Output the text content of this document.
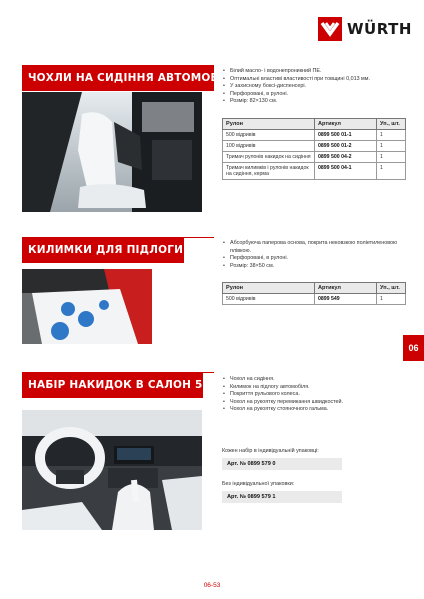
WÜRTH
ЧОХЛИ НА СИДІННЯ АВТОМОБІЛЯ
• Білий масло- і водонепроникний ПЕ.
• Оптимальні властиві властивості при товщині 0,013 мм.
• У захисному боксі-диспенсері.
• Перфоровані, в рулоні.
• Розмір: 82×130 см.
Рулон	Артикул	Уп., шт.
500 відривів	0899 500 01-1	1
100 відривів	0899 500 01-2	1
Тримач рулонів накидок на сидіння	0899 500 04-2	1
Тримач килимків і рулонів накидок на сидіння, керма	0899 500 04-1	1
КИЛИМКИ ДЛЯ ПІДЛОГИ
• Абсорбуюча паперова основа, покрита нековзкою поліетиленовою плівкою.
• Перфоровані, в рулоні.
• Розмір: 38×50 см.
Рулон	Артикул	Уп., шт.
500 відривів	0899 549	1
06
НАБІР НАКИДОК В САЛОН 5В1	• Чохол на сидіння.
• Килимок на підлогу автомобіля.
• Покриття рульового колеса.
• Чохол на рукоятку перемикання швидкостей.
• Чохол на рукоятку стояночного гальма.
Кожен набір в індивідуальній упаковці:
Арт. № 0899 579 0
Без індивідуальної упаковки:
Арт. № 0899 579 1
06-53
